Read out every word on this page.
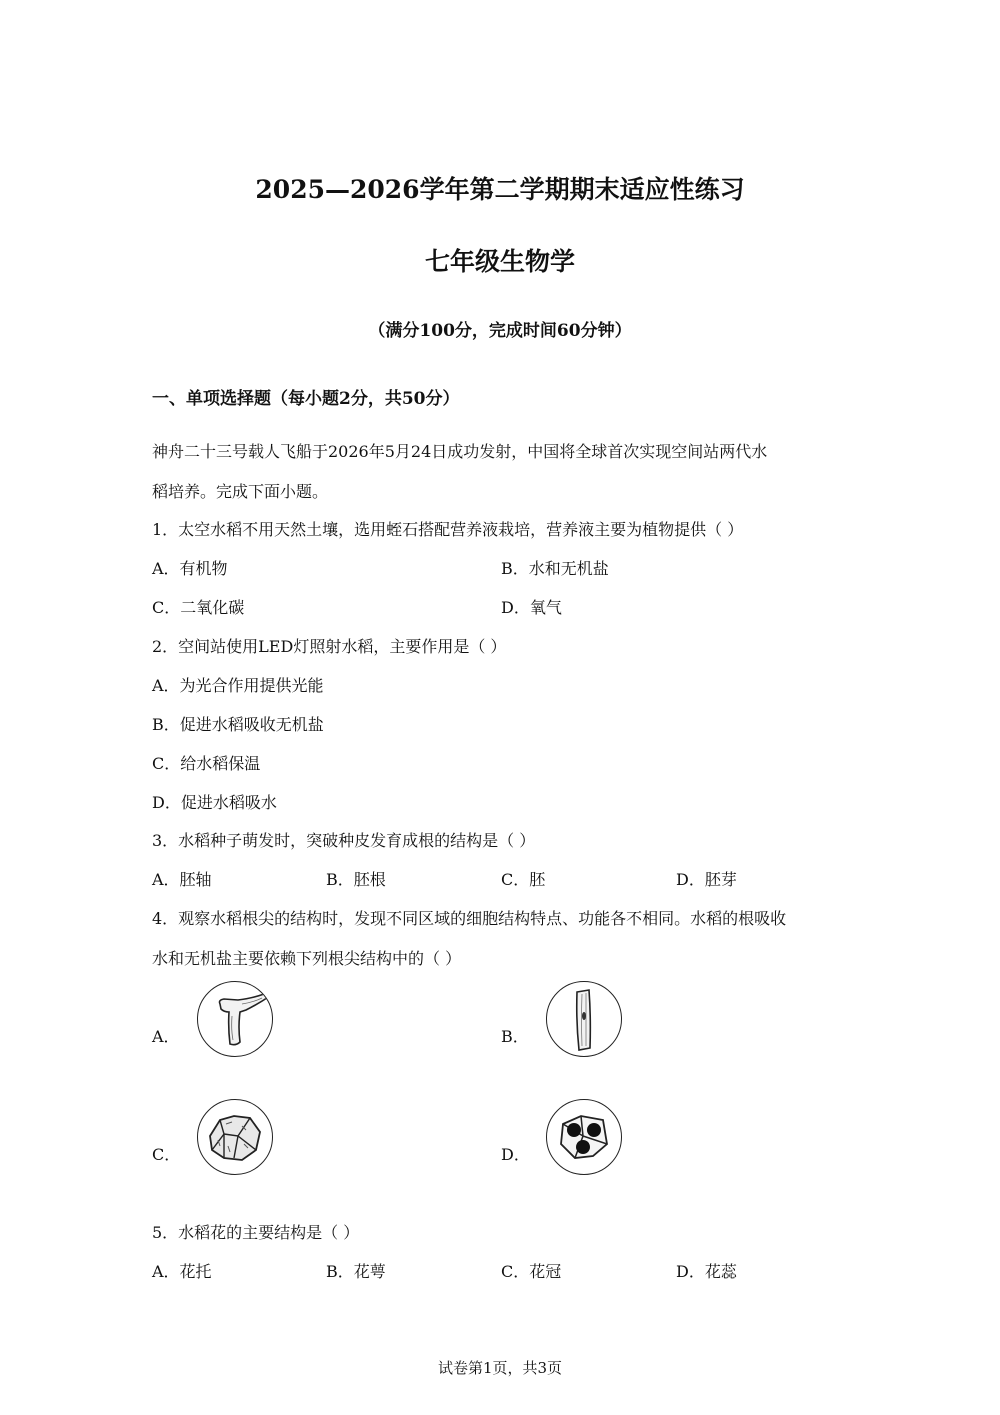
2025—2026学年第二学期期末适应性练习
七年级生物学
（满分100分，完成时间60分钟）
一、单项选择题（每小题2分，共50分）
神舟二十三号载人飞船于2026年5月24日成功发射，中国将全球首次实现空间站两代水
稻培养。完成下面小题。
1．太空水稻不用天然土壤，选用蛭石搭配营养液栽培，营养液主要为植物提供（ ）
A．有机物	B．水和无机盐
C．二氧化碳	D．氧气
2．空间站使用LED灯照射水稻，主要作用是（ ）
A．为光合作用提供光能
B．促进水稻吸收无机盐
C．给水稻保温
D．促进水稻吸水
3．水稻种子萌发时，突破种皮发育成根的结构是（ ）
A．胚轴	B．胚根	C．胚	D．胚芽
4．观察水稻根尖的结构时，发现不同区域的细胞结构特点、功能各不相同。水稻的根吸收
水和无机盐主要依赖下列根尖结构中的（ ）
A．	B．
C．	D．
5．水稻花的主要结构是（ ）
A．花托	B．花萼	C．花冠	D．花蕊
试卷第1页，共3页
